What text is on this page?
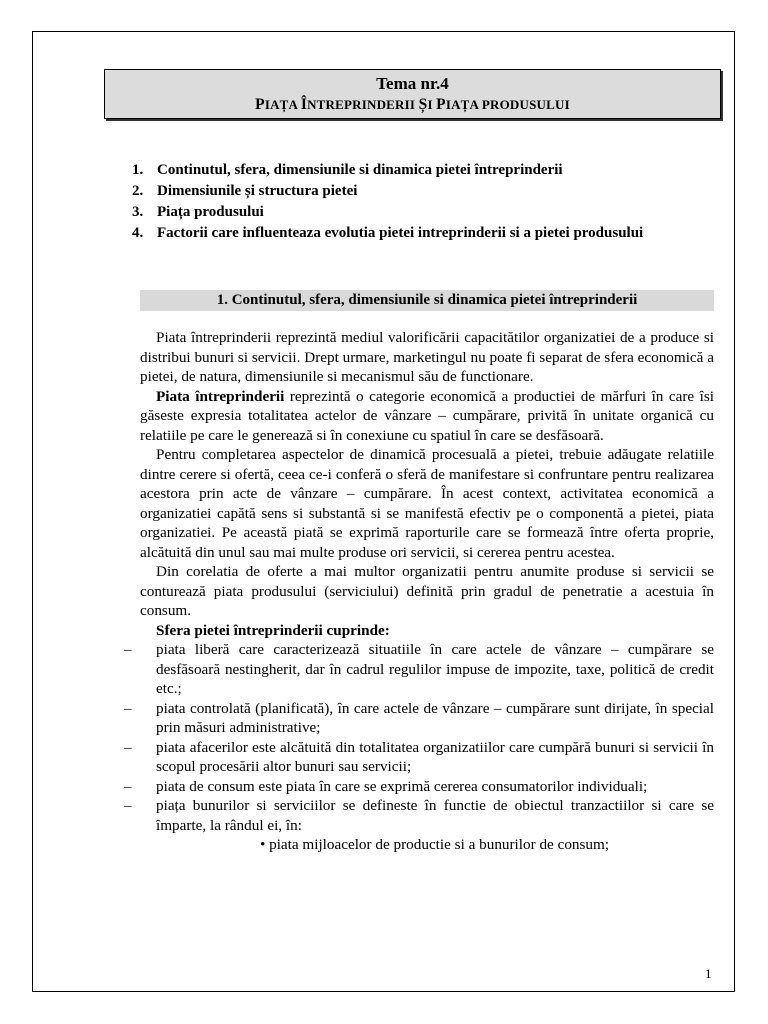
Tema nr.4
PIAȚA ÎNTREPRINDERII ȘI PIAȚA PRODUSULUI
1. Continutul, sfera, dimensiunile si dinamica pietei întreprinderii
2. Dimensiunile și structura pietei
3. Piața produsului
4. Factorii care influenteaza evolutia pietei intreprinderii si a pietei produsului
1. Continutul, sfera, dimensiunile si dinamica pietei întreprinderii

Piata întreprinderii reprezintă mediul valorificării capacitătilor organizatiei de a produce si distribui bunuri si servicii. Drept urmare, marketingul nu poate fi separat de sfera economică a pietei, de natura, dimensiunile si mecanismul său de functionare.

Piata întreprinderii reprezintă o categorie economică a productiei de mărfuri în care îsi găseste expresia totalitatea actelor de vânzare – cumpărare, privită în unitate organică cu relatiile pe care le generează si în conexiune cu spatiul în care se desfăsoară.

Pentru completarea aspectelor de dinamică procesuală a pietei, trebuie adăugate relatiile dintre cerere si ofertă, ceea ce-i conferă o sferă de manifestare si confruntare pentru realizarea acestora prin acte de vânzare – cumpărare. În acest context, activitatea economică a organizatiei capătă sens si substantă si se manifestă efectiv pe o componentă a pietei, piata organizatiei. Pe această piată se exprimă raporturile care se formează între oferta proprie, alcătuită din unul sau mai multe produse ori servicii, si cererea pentru acestea.

Din corelatia de oferte a mai multor organizatii pentru anumite produse si servicii se conturează piata produsului (serviciului) definită prin gradul de penetratie a acestuia în consum.

Sfera pietei întreprinderii cuprinde:

– piata liberă care caracterizează situatiile în care actele de vânzare – cumpărare se desfăsoară nestingherit, dar în cadrul regulilor impuse de impozite, taxe, politică de credit etc.;
– piata controlată (planificată), în care actele de vânzare – cumpărare sunt dirijate, în special prin măsuri administrative;
– piata afacerilor este alcătuită din totalitatea organizatiilor care cumpără bunuri si servicii în scopul procesării altor bunuri sau servicii;
– piata de consum este piata în care se exprimă cererea consumatorilor individuali;
– piața bunurilor si serviciilor se defineste în functie de obiectul tranzactiilor si care se împarte, la rândul ei, în:
• piata mijloacelor de productie si a bunurilor de consum;
1
